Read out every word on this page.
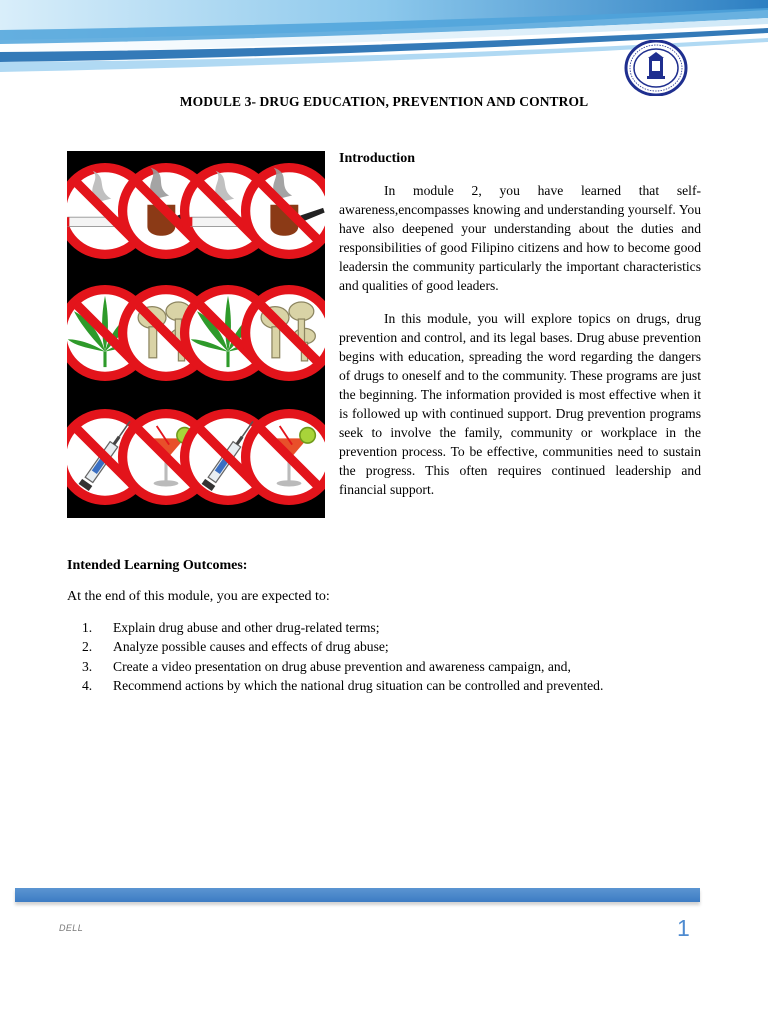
MODULE 3- DRUG EDUCATION, PREVENTION AND CONTROL
Introduction

In module 2, you have learned that self-awareness,encompasses knowing and understanding yourself. You have also deepened your understanding about the duties and responsibilities of good Filipino citizens and how to become good leadersin the community particularly the important characteristics and qualities of good leaders.

In this module, you will explore topics on drugs, drug prevention and control, and its legal bases. Drug abuse prevention begins with education, spreading the word regarding the dangers of drugs to oneself and to the community. These programs are just the beginning. The information provided is most effective when it is followed up with continued support. Drug prevention programs seek to involve the family, community or workplace in the prevention process. To be effective, communities need to sustain the progress. This often requires continued leadership and financial support.

Intended Learning Outcomes:
At the end of this module, you are expected to:
1.	Explain drug abuse and other drug-related terms;
2.	Analyze possible causes and effects of drug abuse;
3.	Create a video presentation on drug abuse prevention and awareness campaign, and,
4.	Recommend actions by which the national drug situation can be controlled and prevented.
DELL	1
